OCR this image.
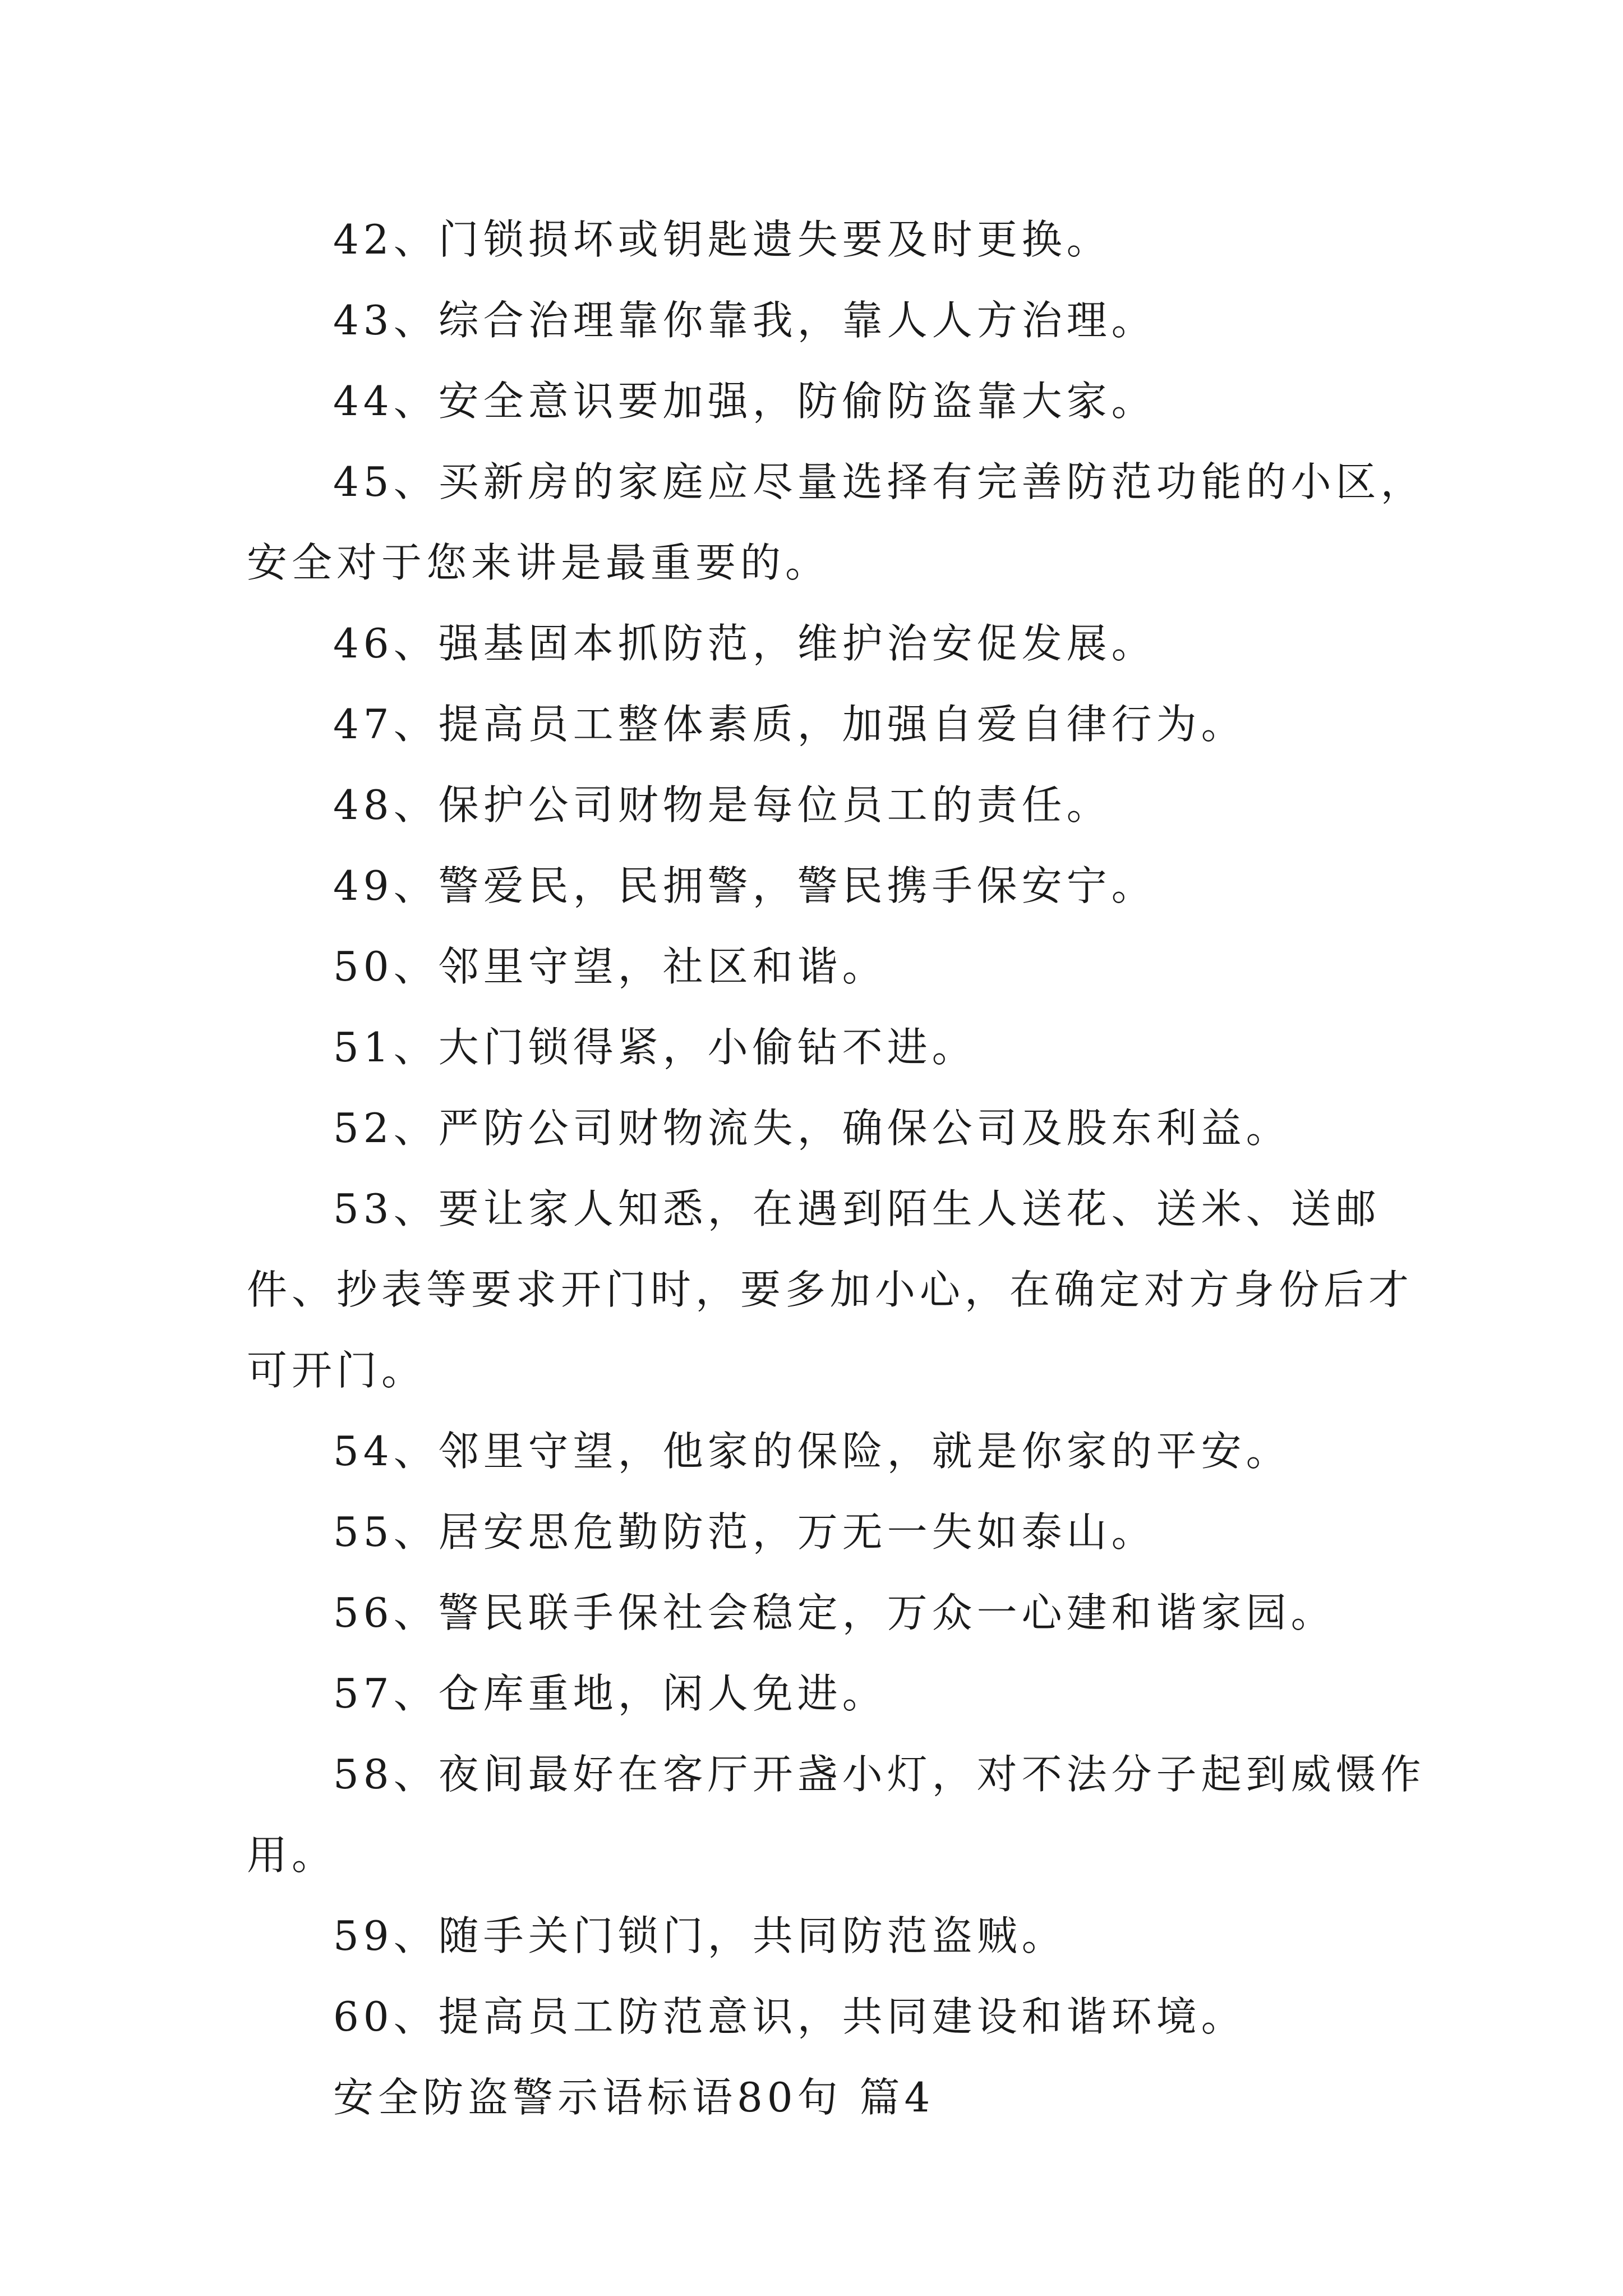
42、门锁损坏或钥匙遗失要及时更换。

43、综合治理靠你靠我，靠人人方治理。

44、安全意识要加强，防偷防盗靠大家。

45、买新房的家庭应尽量选择有完善防范功能的小区，安全对于您来讲是最重要的。

46、强基固本抓防范，维护治安促发展。

47、提高员工整体素质，加强自爱自律行为。

48、保护公司财物是每位员工的责任。

49、警爱民，民拥警，警民携手保安宁。

50、邻里守望，社区和谐。

51、大门锁得紧，小偷钻不进。

52、严防公司财物流失，确保公司及股东利益。

53、要让家人知悉，在遇到陌生人送花、送米、送邮件、抄表等要求开门时，要多加小心，在确定对方身份后才可开门。

54、邻里守望，他家的保险，就是你家的平安。

55、居安思危勤防范，万无一失如泰山。

56、警民联手保社会稳定，万众一心建和谐家园。

57、仓库重地，闲人免进。

58、夜间最好在客厅开盏小灯，对不法分子起到威慑作用。

59、随手关门锁门，共同防范盗贼。

60、提高员工防范意识，共同建设和谐环境。

安全防盗警示语标语80句 篇4
